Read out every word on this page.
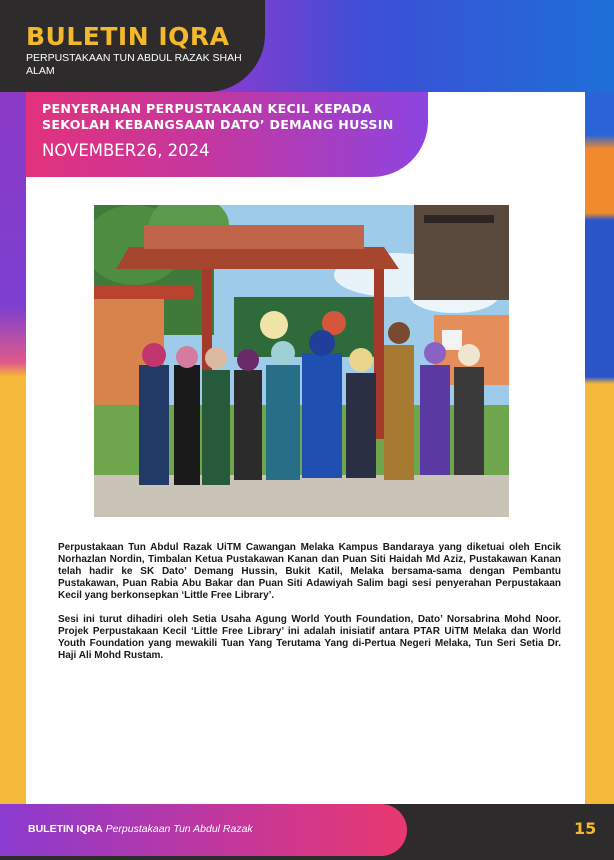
BULETIN IQRA
PERPUSTAKAAN TUN ABDUL RAZAK SHAH ALAM
PENYERAHAN PERPUSTAKAAN KECIL KEPADA SEKOLAH KEBANGSAAN DATO’ DEMANG HUSSIN
NOVEMBER26, 2024

Perpustakaan Tun Abdul Razak UiTM Cawangan Melaka Kampus Bandaraya yang diketuai oleh Encik Norhazlan Nordin, Timbalan Ketua Pustakawan Kanan dan Puan Siti Haidah Md Aziz, Pustakawan Kanan telah hadir ke SK Dato’ Demang Hussin, Bukit Katil, Melaka bersama-sama dengan Pembantu Pustakawan, Puan Rabia Abu Bakar dan Puan Siti Adawiyah Salim bagi sesi penyerahan Perpustakaan Kecil yang berkonsepkan ‘Little Free Library’.

Sesi ini turut dihadiri oleh Setia Usaha Agung World Youth Foundation, Dato’ Norsabrina Mohd Noor. Projek Perpustakaan Kecil ‘Little Free Library’ ini adalah inisiatif antara PTAR UiTM Melaka dan World Youth Foundation yang mewakili Tuan Yang Terutama Yang di-Pertua Negeri Melaka, Tun Seri Setia Dr. Haji Ali Mohd Rustam.

BULETIN IQRA Perpustakaan Tun Abdul Razak	15
